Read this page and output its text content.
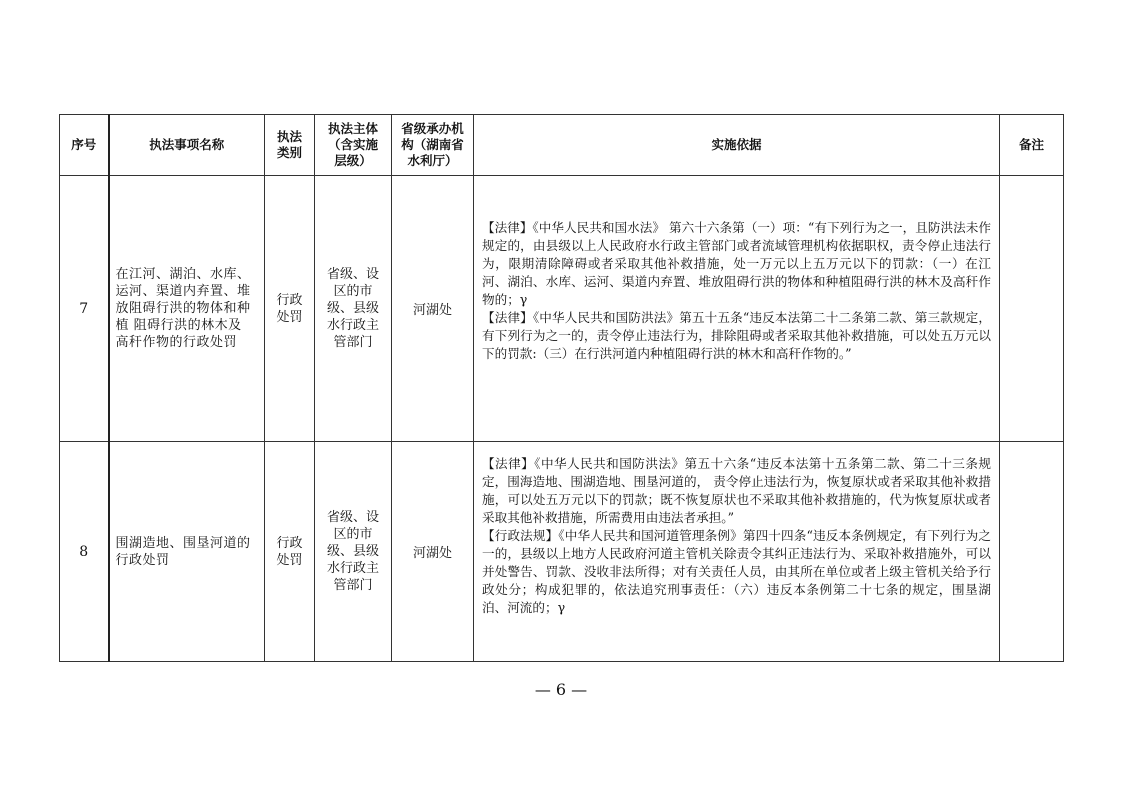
序号	执法事项名称	执法类别	执法主体（含实施层级）	省级承办机构（湖南省水利厅）	实施依据	备注
7	在江河、湖泊、水库、运河、渠道内弃置、堆放阻碍行洪的物体和种植 阻碍行洪的林木及 高秆作物的行政处罚	行政处罚	省级、设区的市级、县级水行政主管部门	河湖处	【法律】《中华人民共和国水法》 第六十六条第（一）项：“有下列行为之一，且防洪法未作规定的，由县级以上人民政府水行政主管部门或者流域管理机构依据职权，责令停止违法行为，限期清除障碍或者采取其他补救措施，处一万元以上五万元以下的罚款：（一）在江河、湖泊、水库、运河、渠道内弃置、堆放阻碍行洪的物体和种植阻碍行洪的林木及高秆作物的；γ
【法律】《中华人民共和国防洪法》第五十五条“违反本法第二十二条第二款、第三款规定，有下列行为之一的，责令停止违法行为，排除阻碍或者采取其他补救措施，可以处五万元以下的罚款:（三）在行洪河道内种植阻碍行洪的林木和高秆作物的。”	

8	围湖造地、围垦河道的行政处罚	行政处罚	省级、设区的市级、县级水行政主管部门	河湖处	【法律】《中华人民共和国防洪法》第五十六条“违反本法第十五条第二款、第二十三条规定，围海造地、围湖造地、围垦河道的， 责令停止违法行为，恢复原状或者采取其他补救措施，可以处五万元以下的罚款；既不恢复原状也不采取其他补救措施的，代为恢复原状或者采取其他补救措施，所需费用由违法者承担。”
【行政法规】《中华人民共和国河道管理条例》第四十四条“违反本条例规定，有下列行为之一的，县级以上地方人民政府河道主管机关除责令其纠正违法行为、采取补救措施外，可以并处警告、罚款、没收非法所得；对有关责任人员，由其所在单位或者上级主管机关给予行政处分；构成犯罪的，依法追究刑事责任：（六）违反本条例第二十七条的规定，围垦湖泊、河流的；γ	

— 6 —
